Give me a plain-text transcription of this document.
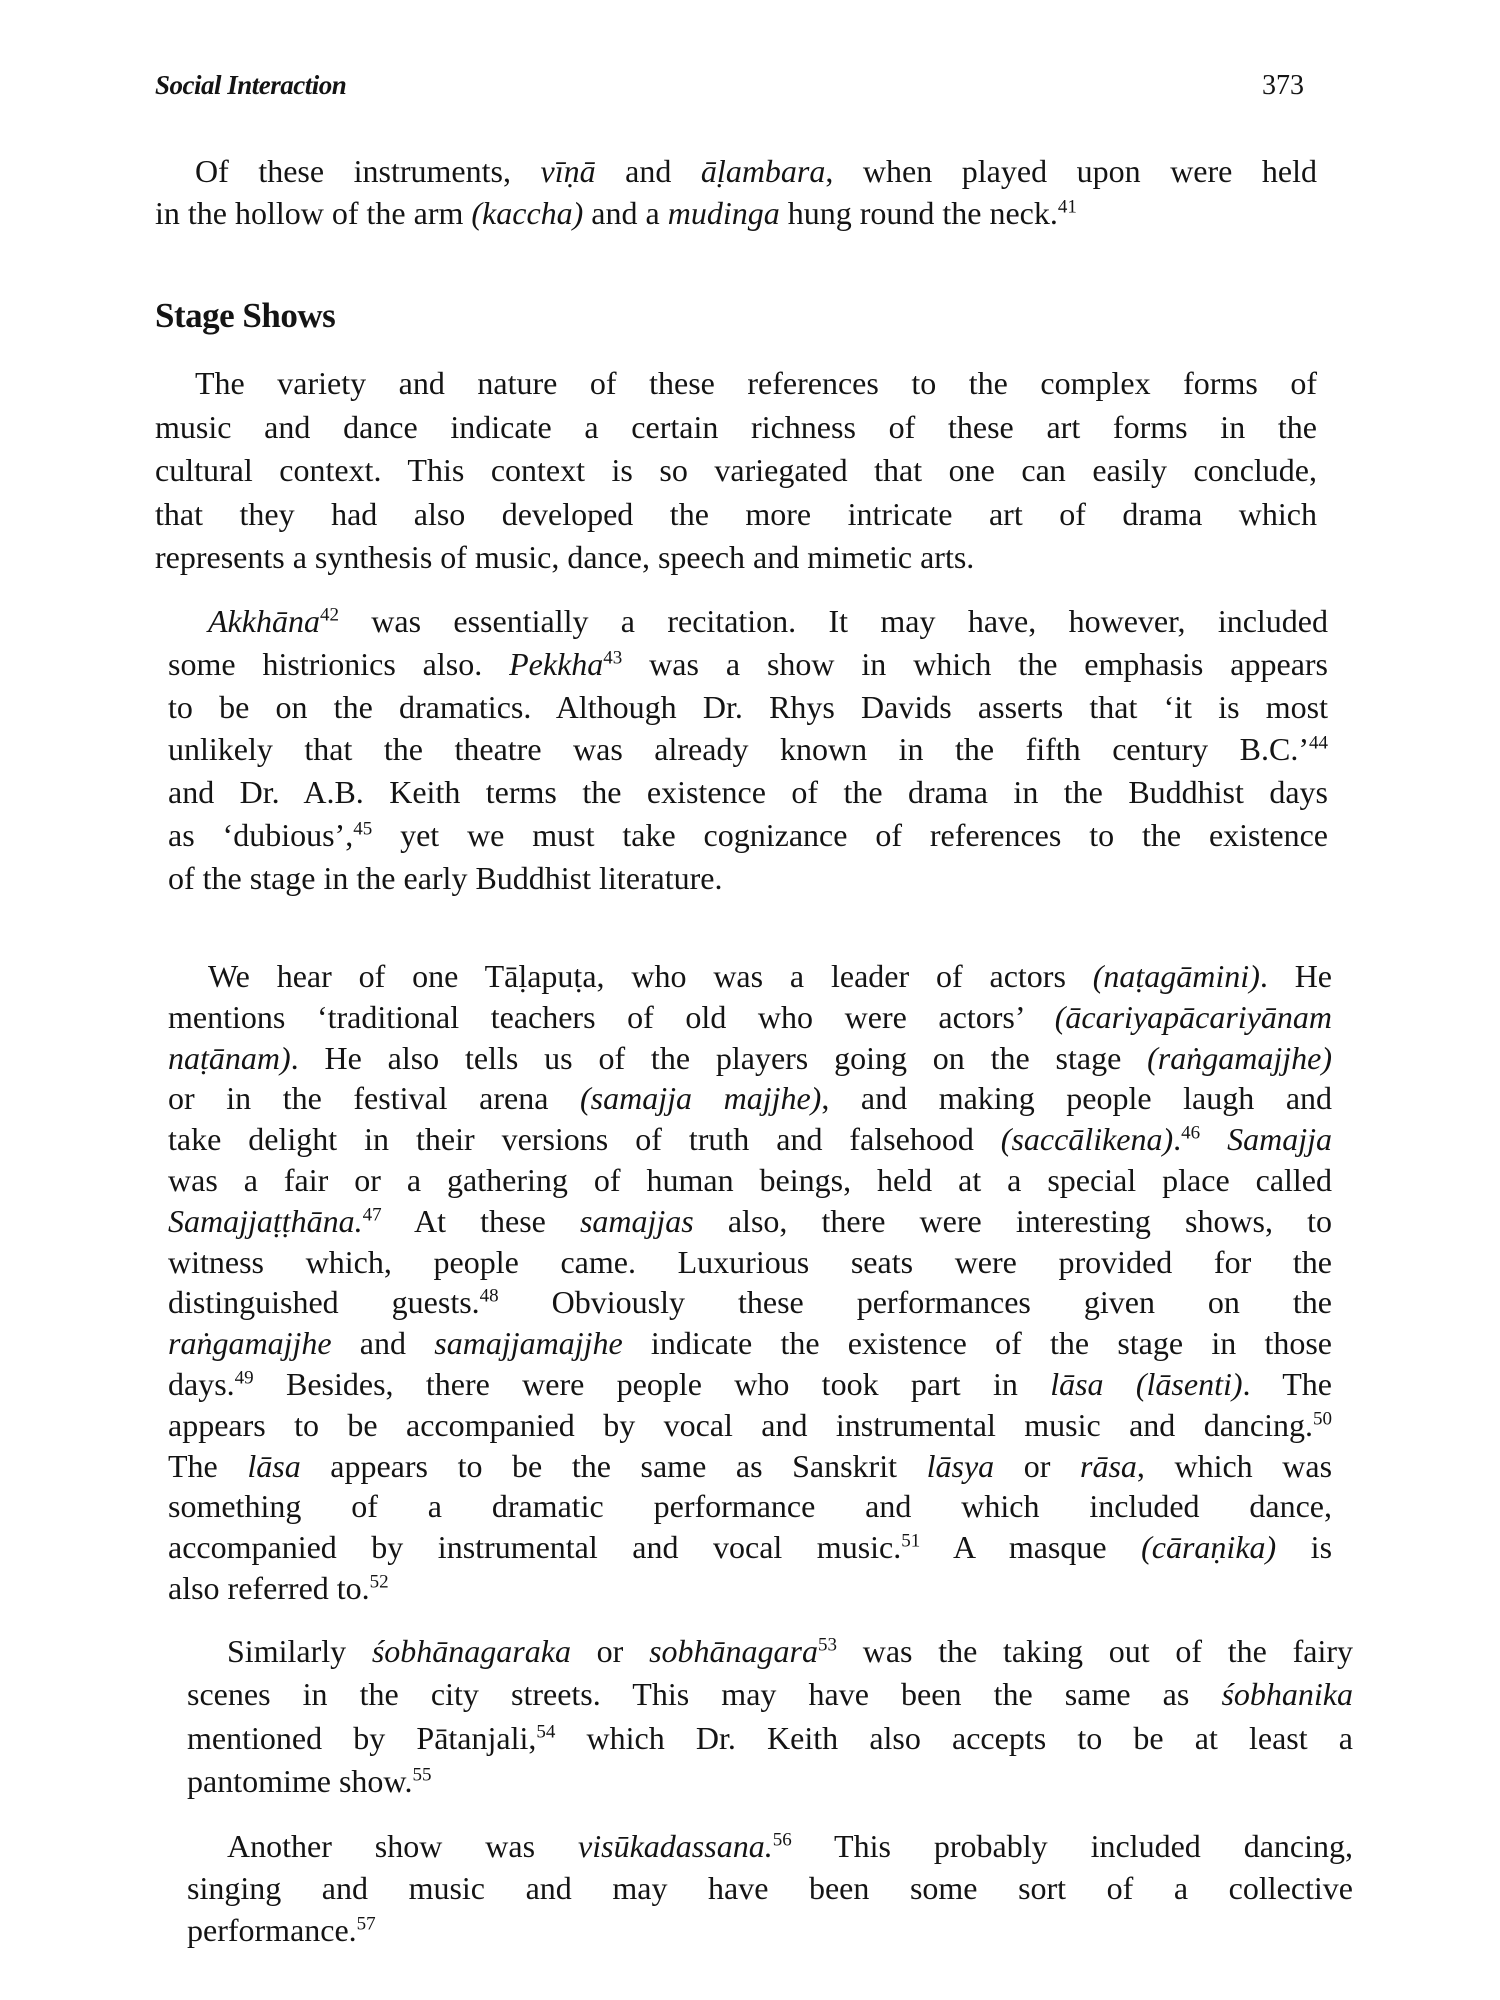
Social Interaction	373
Stage Shows
Of these instruments, vīṇā and āḷambara, when played upon were held
in the hollow of the arm (kaccha) and a mudinga hung round the neck.$^{41}$
The variety and nature of these references to the complex forms of
music and dance indicate a certain richness of these art forms in the
cultural context. This context is so variegated that one can easily conclude,
that they had also developed the more intricate art of drama which
represents a synthesis of music, dance, speech and mimetic arts.
Akkhāna$^{42}$ was essentially a recitation. It may have, however, included
some histrionics also. Pekkha$^{43}$ was a show in which the emphasis appears
to be on the dramatics. Although Dr. Rhys Davids asserts that ‘it is most
unlikely that the theatre was already known in the fifth century B.C.’$^{44}$
and Dr. A.B. Keith terms the existence of the drama in the Buddhist days
as ‘dubious’,$^{45}$ yet we must take cognizance of references to the existence
of the stage in the early Buddhist literature.
We hear of one Tāḷapuṭa, who was a leader of actors (naṭagāmini). He
mentions ‘traditional teachers of old who were actors’ (ācariyapācariyānam
naṭānam). He also tells us of the players going on the stage (raṅgamajjhe)
or in the festival arena (samajja majjhe), and making people laugh and
take delight in their versions of truth and falsehood (saccālikena).$^{46}$ Samajja
was a fair or a gathering of human beings, held at a special place called
Samajjaṭṭhāna.$^{47}$ At these samajjas also, there were interesting shows, to
witness which, people came. Luxurious seats were provided for the
distinguished guests.$^{48}$ Obviously these performances given on the
raṅgamajjhe and samajjamajjhe indicate the existence of the stage in those
days.$^{49}$ Besides, there were people who took part in lāsa (lāsenti). The
appears to be accompanied by vocal and instrumental music and dancing.$^{50}$
The lāsa appears to be the same as Sanskrit lāsya or rāsa, which was
something of a dramatic performance and which included dance,
accompanied by instrumental and vocal music.$^{51}$ A masque (cāraṇika) is
also referred to.$^{52}$
Similarly śobhānagaraka or sobhānagara$^{53}$ was the taking out of the fairy
scenes in the city streets. This may have been the same as śobhanika
mentioned by Pātanjali,$^{54}$ which Dr. Keith also accepts to be at least a
pantomime show.$^{55}$
Another show was visūkadassana.$^{56}$ This probably included dancing,
singing and music and may have been some sort of a collective
performance.$^{57}$
